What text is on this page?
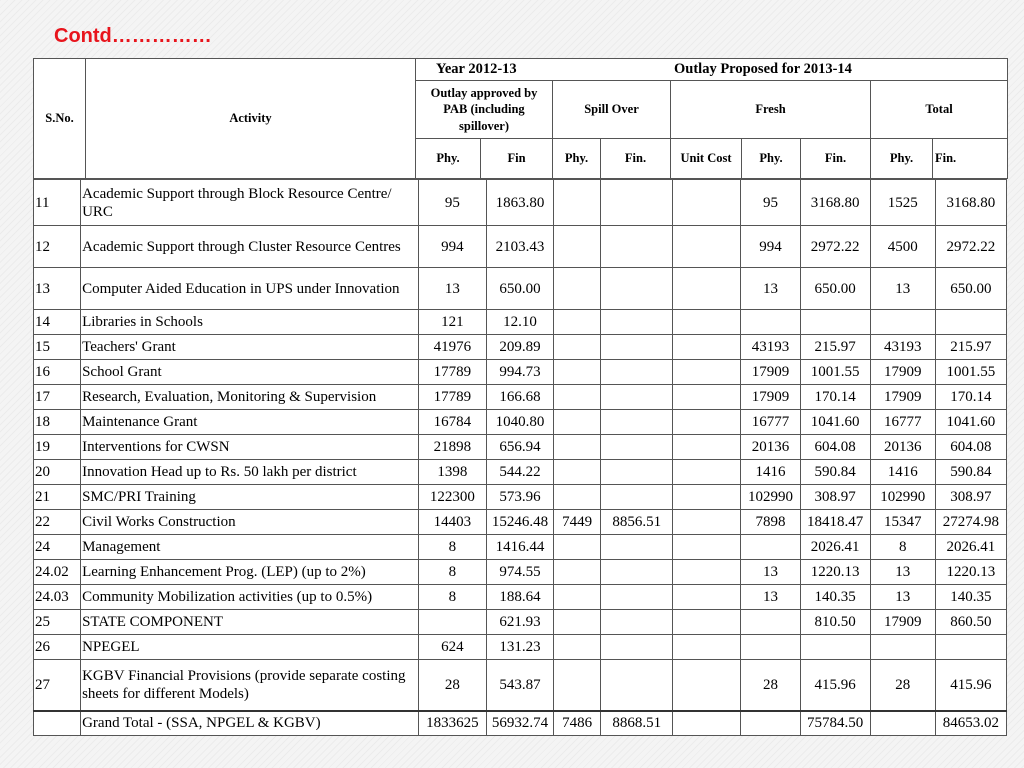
Contd……………
S.No.	Activity	Year 2012-13 Outlay Proposed for 2013-14								
		Outlay approved by PAB (including spillover)		Spill Over		Fresh			Total	
		Phy.	Fin	Phy.	Fin.	Unit Cost	Phy.	Fin.	Phy.	Fin.
11	Academic Support through Block Resource Centre/ URC	95	1863.80				95	3168.80	1525	3168.80
12	Academic Support through Cluster Resource Centres	994	2103.43				994	2972.22	4500	2972.22
13	Computer Aided Education in UPS under Innovation	13	650.00				13	650.00	13	650.00
14	Libraries in Schools	121	12.10							
15	Teachers' Grant	41976	209.89				43193	215.97	43193	215.97
16	School Grant	17789	994.73				17909	1001.55	17909	1001.55
17	Research, Evaluation, Monitoring & Supervision	17789	166.68				17909	170.14	17909	170.14
18	Maintenance Grant	16784	1040.80				16777	1041.60	16777	1041.60
19	Interventions for CWSN	21898	656.94				20136	604.08	20136	604.08
20	Innovation Head up to Rs. 50 lakh per district	1398	544.22				1416	590.84	1416	590.84
21	SMC/PRI Training	122300	573.96				102990	308.97	102990	308.97
22	Civil Works Construction	14403	15246.48	7449	8856.51		7898	18418.47	15347	27274.98
24	Management	8	1416.44					2026.41	8	2026.41
24.02	Learning Enhancement Prog. (LEP) (up to 2%)	8	974.55				13	1220.13	13	1220.13
24.03	Community Mobilization activities (up to 0.5%)	8	188.64				13	140.35	13	140.35
25	STATE COMPONENT		621.93					810.50	17909	860.50
26	NPEGEL	624	131.23							
27	KGBV Financial Provisions (provide separate costing sheets for different Models)	28	543.87				28	415.96	28	415.96
	Grand Total - (SSA, NPGEL & KGBV)	1833625	56932.74	7486	8868.51			75784.50		84653.02
